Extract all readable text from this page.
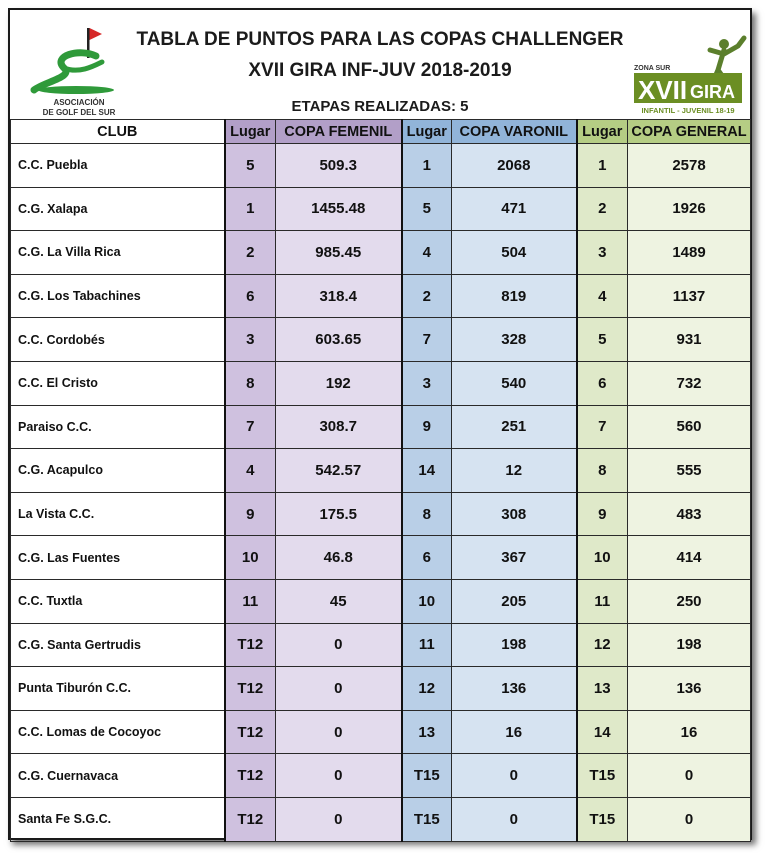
ASOCIACIÓN
DE GOLF DEL SUR
TABLA DE PUNTOS PARA LAS COPAS CHALLENGER
XVII GIRA INF-JUV 2018-2019
ETAPAS REALIZADAS: 5
ZONA SUR
XVII GIRA
INFANTIL - JUVENIL 18-19
CLUB	Lugar	COPA FEMENIL	Lugar	COPA VARONIL	Lugar	COPA GENERAL
C.C. Puebla	5	509.3	1	2068	1	2578
C.G. Xalapa	1	1455.48	5	471	2	1926
C.G. La Villa Rica	2	985.45	4	504	3	1489
C.G. Los Tabachines	6	318.4	2	819	4	1137
C.C. Cordobés	3	603.65	7	328	5	931
C.C. El Cristo	8	192	3	540	6	732
Paraiso C.C.	7	308.7	9	251	7	560
C.G. Acapulco	4	542.57	14	12	8	555
La Vista C.C.	9	175.5	8	308	9	483
C.G. Las Fuentes	10	46.8	6	367	10	414
C.C. Tuxtla	11	45	10	205	11	250
C.G. Santa Gertrudis	T12	0	11	198	12	198
Punta Tiburón C.C.	T12	0	12	136	13	136
C.C. Lomas de Cocoyoc	T12	0	13	16	14	16
C.G. Cuernavaca	T12	0	T15	0	T15	0
Santa Fe S.G.C.	T12	0	T15	0	T15	0
